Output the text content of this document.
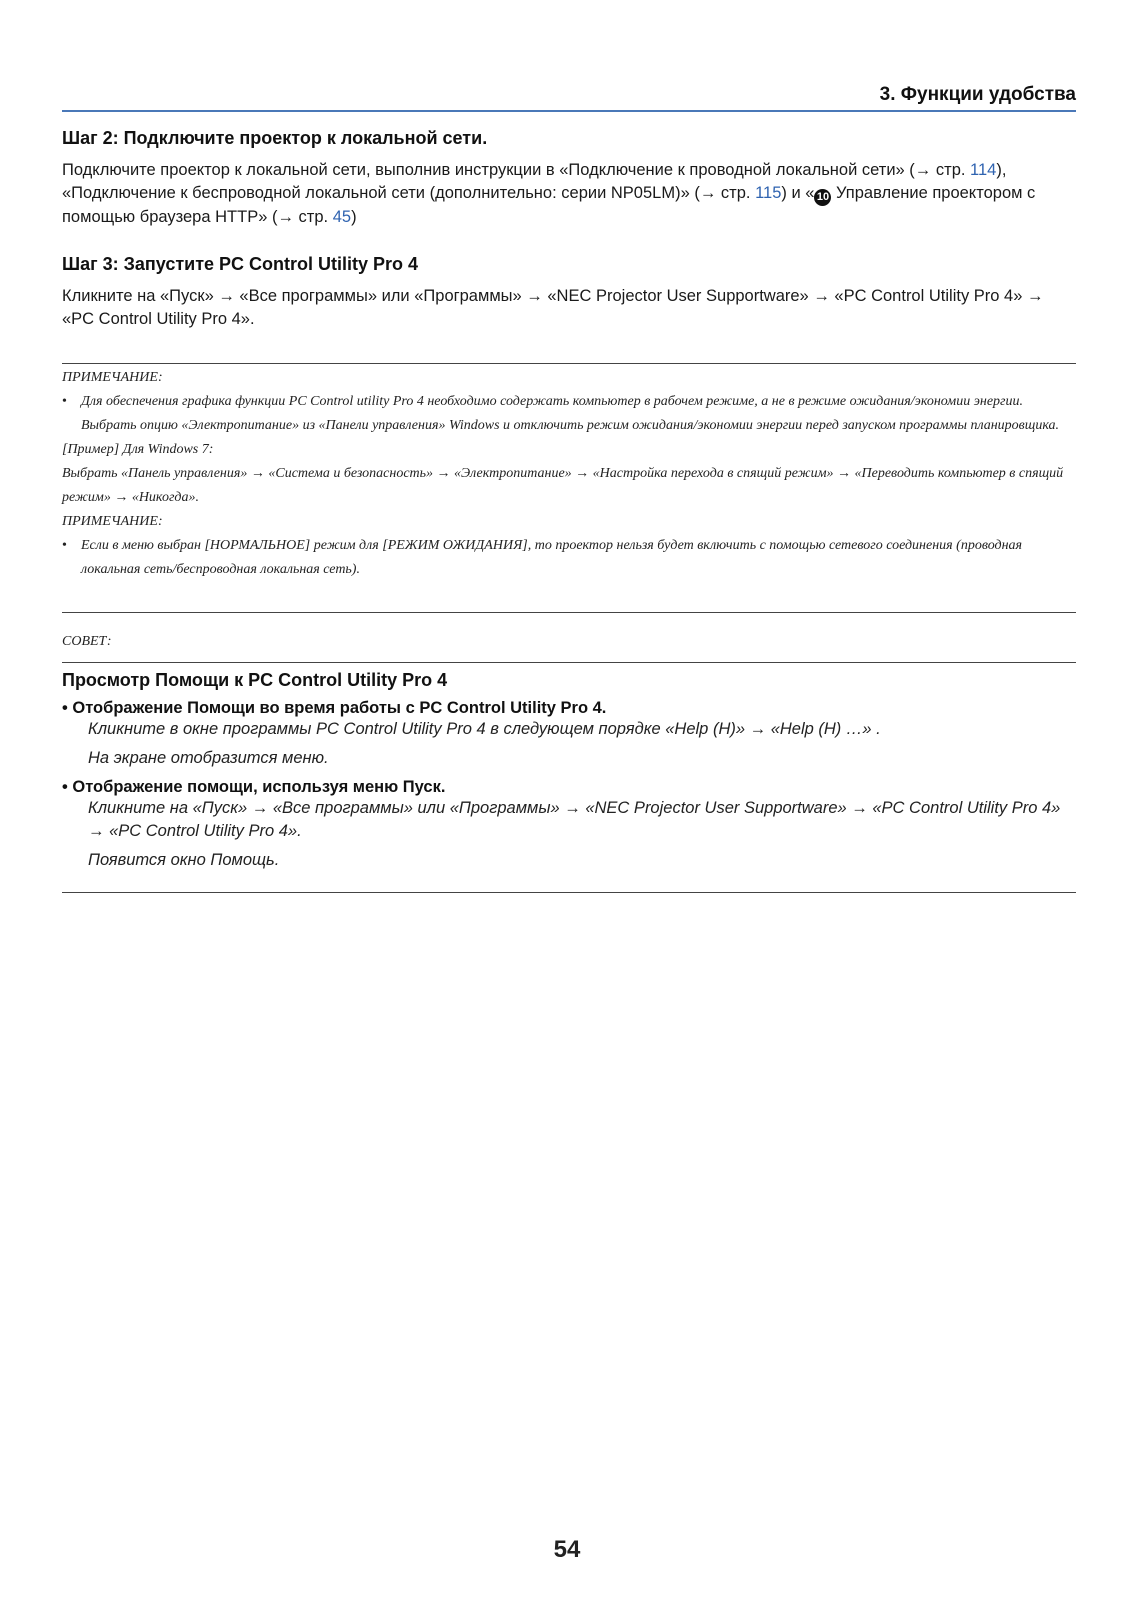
3. Функции удобства
Шаг 2: Подключите проектор к локальной сети.

Подключите проектор к локальной сети, выполнив инструкции в «Подключение к проводной локальной сети» (→ стр. 114), «Подключение к беспроводной локальной сети (дополнительно: серии NP05LM)» (→ стр. 115) и « 10 Управление проектором с помощью браузера HTTP» (→ стр. 45)

Шаг 3: Запустите PC Control Utility Pro 4

Кликните на «Пуск» → «Все программы» или «Программы» → «NEC Projector User Supportware» → «PC Control Utility Pro 4» → «PC Control Utility Pro 4».

ПРИМЕЧАНИЕ:

• Для обеспечения графика функции PC Control utility Pro 4 необходимо содержать компьютер в рабочем режиме, а не в режиме ожидания/экономии энергии. Выбрать опцию «Электропитание» из «Панели управления» Windows и отключить режим ожидания/экономии энергии перед запуском программы планировщика.

[Пример] Для Windows 7:

Выбрать «Панель управления» → «Система и безопасность» → «Электропитание» → «Настройка перехода в спящий режим» → «Переводить компьютер в спящий режим» → «Никогда».

ПРИМЕЧАНИЕ:

• Если в меню выбран [НОРМАЛЬНОЕ] режим для [РЕЖИМ ОЖИДАНИЯ], то проектор нельзя будет включить с помощью сетевого соединения (проводная локальная сеть/беспроводная локальная сеть).
СОВЕТ:
Просмотр Помощи к PC Control Utility Pro 4

• Отображение Помощи во время работы с PC Control Utility Pro 4.

Кликните в окне программы PC Control Utility Pro 4 в следующем порядке «Help (H)» → «Help (H) …» .

На экране отобразится меню.

• Отображение помощи, используя меню Пуск.

Кликните на «Пуск» → «Все программы» или «Программы» → «NEC Projector User Supportware» → «PC Control Utility Pro 4» → «PC Control Utility Pro 4».

Появится окно Помощь.

54
